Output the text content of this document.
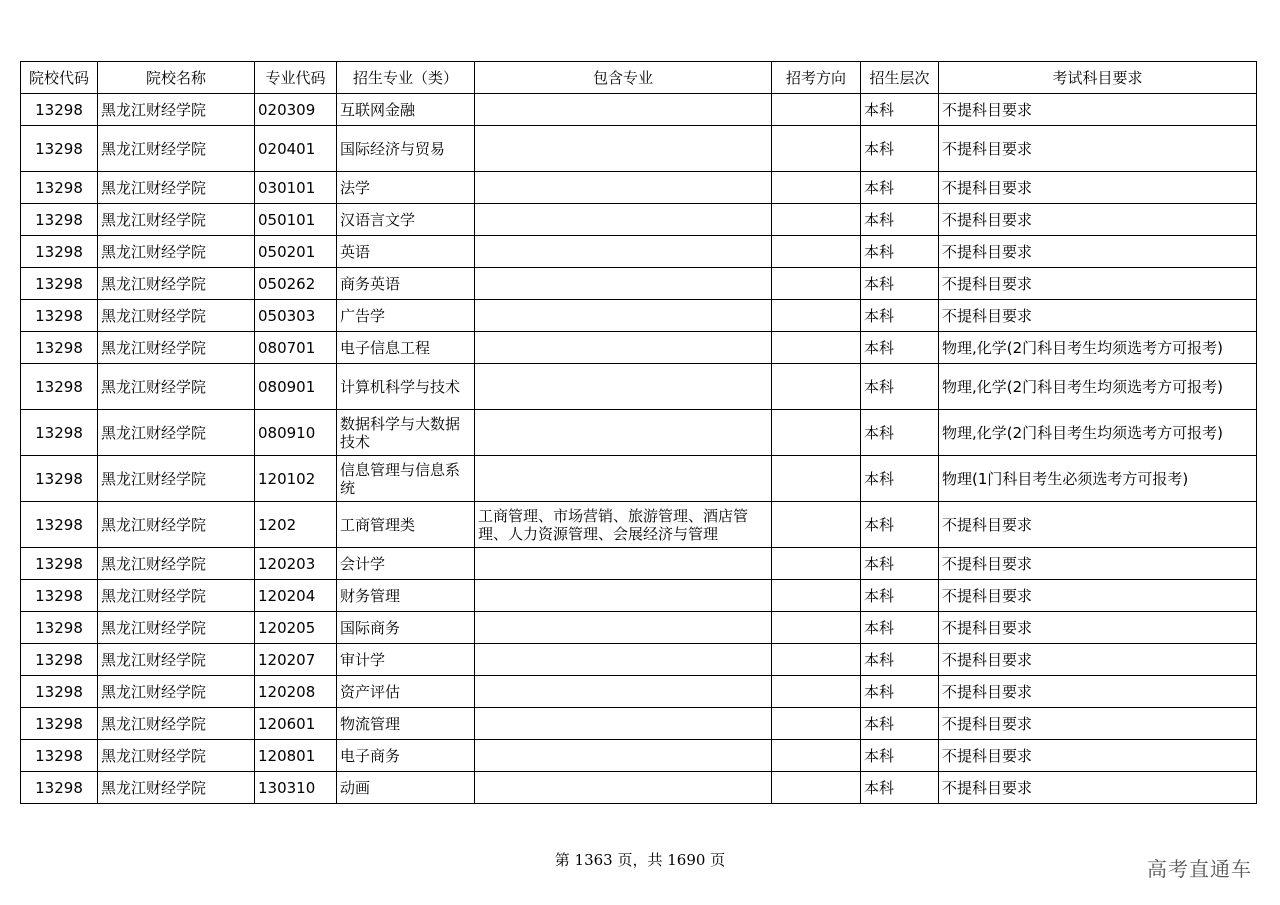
院校代码	院校名称	专业代码	招生专业（类）	包含专业	招考方向	招生层次	考试科目要求
13298	黑龙江财经学院	020309	互联网金融			本科	不提科目要求
13298	黑龙江财经学院	020401	国际经济与贸易			本科	不提科目要求
13298	黑龙江财经学院	030101	法学			本科	不提科目要求
13298	黑龙江财经学院	050101	汉语言文学			本科	不提科目要求
13298	黑龙江财经学院	050201	英语			本科	不提科目要求
13298	黑龙江财经学院	050262	商务英语			本科	不提科目要求
13298	黑龙江财经学院	050303	广告学			本科	不提科目要求
13298	黑龙江财经学院	080701	电子信息工程			本科	物理,化学(2门科目考生均须选考方可报考)
13298	黑龙江财经学院	080901	计算机科学与技术			本科	物理,化学(2门科目考生均须选考方可报考)
13298	黑龙江财经学院	080910	数据科学与大数据技术			本科	物理,化学(2门科目考生均须选考方可报考)
13298	黑龙江财经学院	120102	信息管理与信息系统			本科	物理(1门科目考生必须选考方可报考)
13298	黑龙江财经学院	1202	工商管理类	工商管理、市场营销、旅游管理、酒店管理、人力资源管理、会展经济与管理		本科	不提科目要求
13298	黑龙江财经学院	120203	会计学			本科	不提科目要求
13298	黑龙江财经学院	120204	财务管理			本科	不提科目要求
13298	黑龙江财经学院	120205	国际商务			本科	不提科目要求
13298	黑龙江财经学院	120207	审计学			本科	不提科目要求
13298	黑龙江财经学院	120208	资产评估			本科	不提科目要求
13298	黑龙江财经学院	120601	物流管理			本科	不提科目要求
13298	黑龙江财经学院	120801	电子商务			本科	不提科目要求
13298	黑龙江财经学院	130310	动画			本科	不提科目要求
第 1363 页，共 1690 页	高考直通车
